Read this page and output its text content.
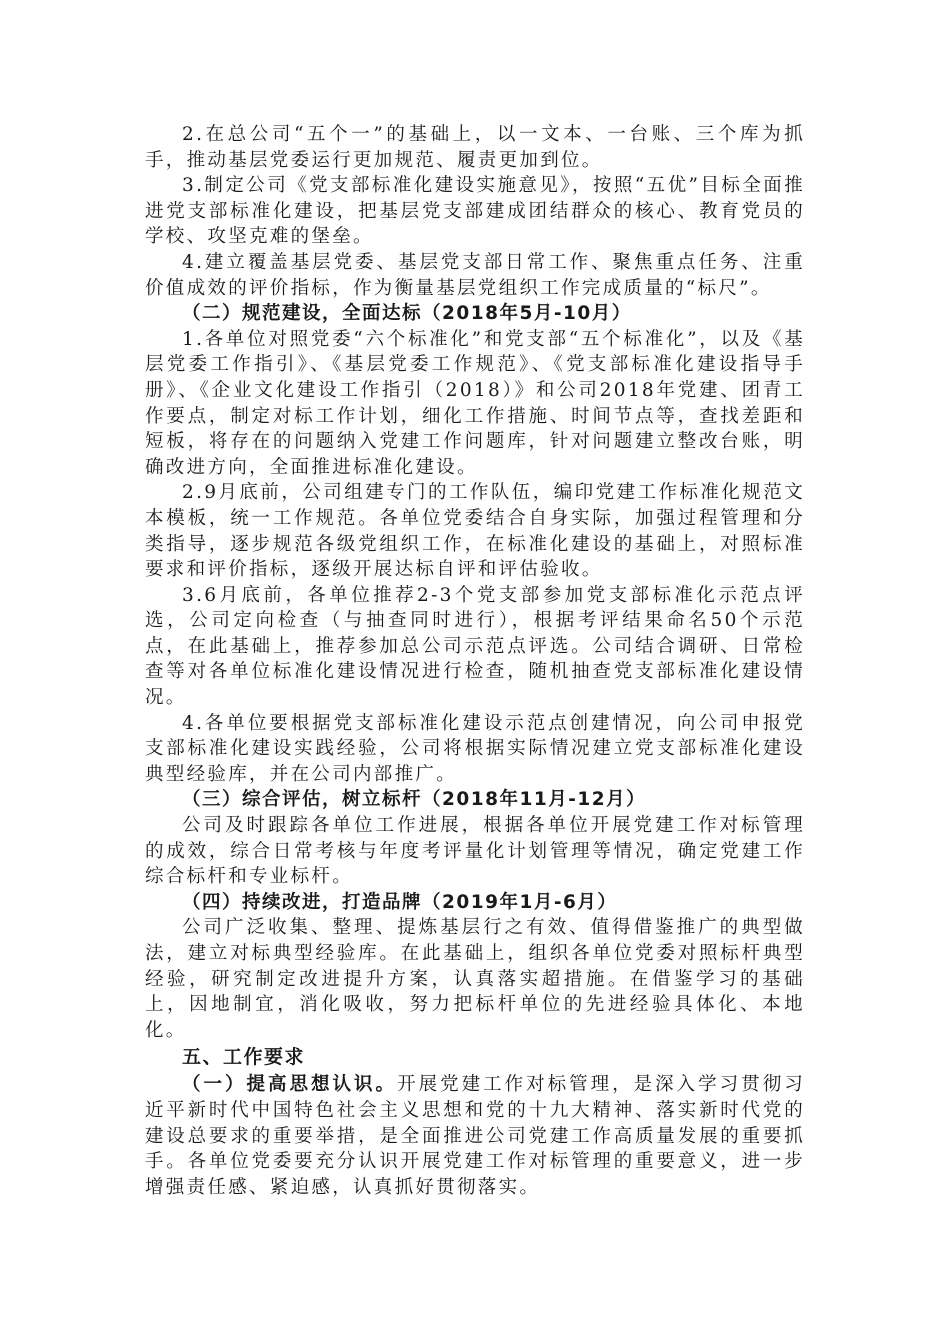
2.在总公司“五个一”的基础上，以一文本、一台账、三个库为抓手，推动基层党委运行更加规范、履责更加到位。

3.制定公司《党支部标准化建设实施意见》，按照“五优”目标全面推进党支部标准化建设，把基层党支部建成团结群众的核心、教育党员的学校、攻坚克难的堡垒。

4.建立覆盖基层党委、基层党支部日常工作、聚焦重点任务、注重价值成效的评价指标，作为衡量基层党组织工作完成质量的“标尺”。

（二）规范建设，全面达标（2018年5月-10月）

1.各单位对照党委“六个标准化”和党支部“五个标准化”，以及《基层党委工作指引》、《基层党委工作规范》、《党支部标准化建设指导手册》、《企业文化建设工作指引（2018）》和公司2018年党建、团青工作要点，制定对标工作计划，细化工作措施、时间节点等，查找差距和短板，将存在的问题纳入党建工作问题库，针对问题建立整改台账，明确改进方向，全面推进标准化建设。

2.9月底前，公司组建专门的工作队伍，编印党建工作标准化规范文本模板，统一工作规范。各单位党委结合自身实际，加强过程管理和分类指导，逐步规范各级党组织工作，在标准化建设的基础上，对照标准要求和评价指标，逐级开展达标自评和评估验收。

3.6月底前，各单位推荐2-3个党支部参加党支部标准化示范点评选，公司定向检查（与抽查同时进行），根据考评结果命名50个示范点，在此基础上，推荐参加总公司示范点评选。公司结合调研、日常检查等对各单位标准化建设情况进行检查，随机抽查党支部标准化建设情况。

4.各单位要根据党支部标准化建设示范点创建情况，向公司申报党支部标准化建设实践经验，公司将根据实际情况建立党支部标准化建设典型经验库，并在公司内部推广。

（三）综合评估，树立标杆（2018年11月-12月）

公司及时跟踪各单位工作进展，根据各单位开展党建工作对标管理的成效，综合日常考核与年度考评量化计划管理等情况，确定党建工作综合标杆和专业标杆。

（四）持续改进，打造品牌（2019年1月-6月）

公司广泛收集、整理、提炼基层行之有效、值得借鉴推广的典型做法，建立对标典型经验库。在此基础上，组织各单位党委对照标杆典型经验，研究制定改进提升方案，认真落实超措施。在借鉴学习的基础上，因地制宜，消化吸收，努力把标杆单位的先进经验具体化、本地化。

五、工作要求

（一）提高思想认识。开展党建工作对标管理，是深入学习贯彻习近平新时代中国特色社会主义思想和党的十九大精神、落实新时代党的建设总要求的重要举措，是全面推进公司党建工作高质量发展的重要抓手。各单位党委要充分认识开展党建工作对标管理的重要意义，进一步增强责任感、紧迫感，认真抓好贯彻落实。
